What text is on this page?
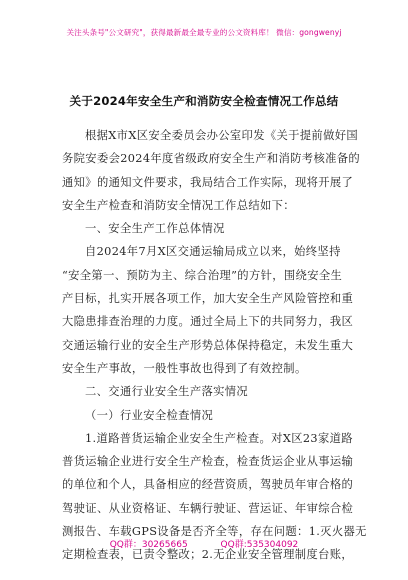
关注头条号"公文研究"，获得最新最全最专业的公文资料库！ 微信：gongwenyj
关于2024年安全生产和消防安全检查情况工作总结
根据X市X区安全委员会办公室印发《关于提前做好国
务院安委会2024年度省级政府安全生产和消防考核准备的
通知》的通知文件要求，我局结合工作实际，现将开展了
安全生产检查和消防安全情况工作总结如下：
一、安全生产工作总体情况
自2024年7月X区交通运输局成立以来，始终坚持
“安全第一、预防为主、综合治理”的方针，围绕安全生
产目标，扎实开展各项工作，加大安全生产风险管控和重
大隐患排查治理的力度。通过全局上下的共同努力，我区
交通运输行业的安全生产形势总体保持稳定，未发生重大
安全生产事故，一般性事故也得到了有效控制。
二、交通行业安全生产落实情况
（一）行业安全检查情况
1.道路普货运输企业安全生产检查。对X区23家道路
普货运输企业进行安全生产检查，检查货运企业从事运输
的单位和个人，具备相应的经营资质，驾驶员年审合格的
驾驶证、从业资格证、车辆行驶证、营运证、年审综合检
测报告、车载GPS设备是否齐全等，存在问题：1.灭火器无
定期检查表，已责令整改；2.无企业安全管理制度台账，
QQ群：30265665	QQ群:535304092
